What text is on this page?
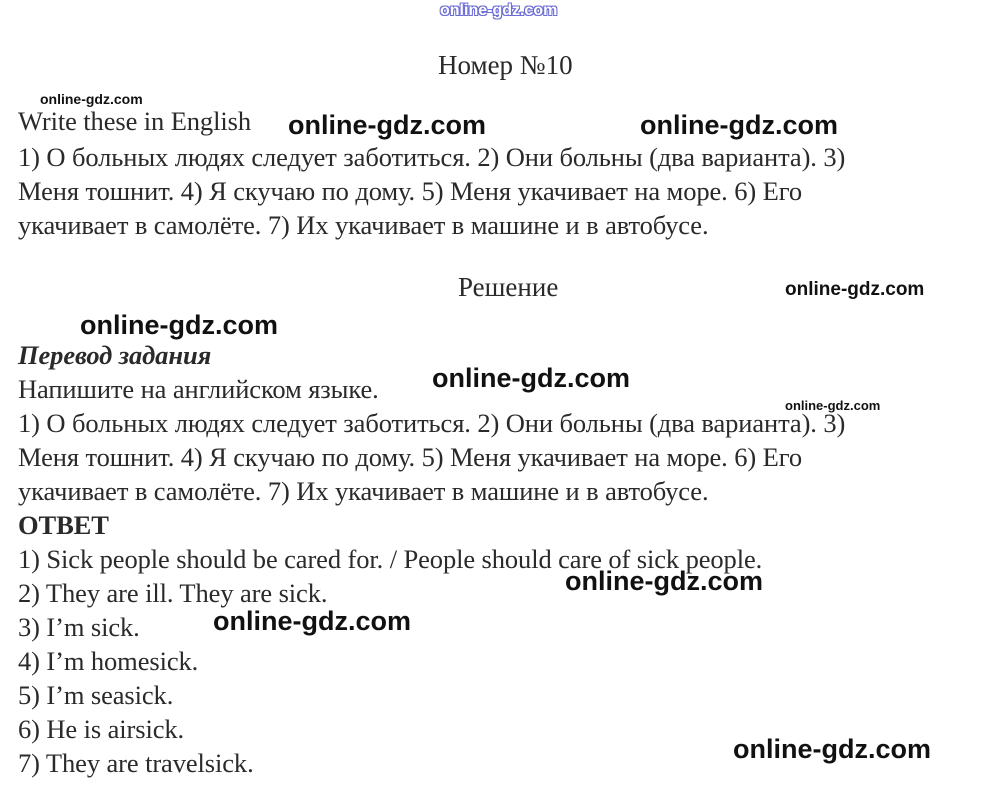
online-gdz.com
Номер №10
online-gdz.com
Write these in English online-gdz.com	online-gdz.com
1) О больных людях следует заботиться. 2) Они больны (два варианта). 3)
Меня тошнит. 4) Я скучаю по дому. 5) Меня укачивает на море. 6) Его
укачивает в самолёте. 7) Их укачивает в машине и в автобусе.
Решение	online-gdz.com
online-gdz.com
Перевод задания
Напишите на английском языке. online-gdz.com
online-gdz.com
1) О больных людях следует заботиться. 2) Они больны (два варианта). 3)
Меня тошнит. 4) Я скучаю по дому. 5) Меня укачивает на море. 6) Его
укачивает в самолёте. 7) Их укачивает в машине и в автобусе.
ОТВЕТ
1) Sick people should be cared for. / People should care of sick people.
online-gdz.com
2) They are ill. They are sick.
online-gdz.com
3) I’m sick.
4) I’m homesick.
5) I’m seasick.
6) He is airsick.
7) They are travelsick.	online-gdz.com
